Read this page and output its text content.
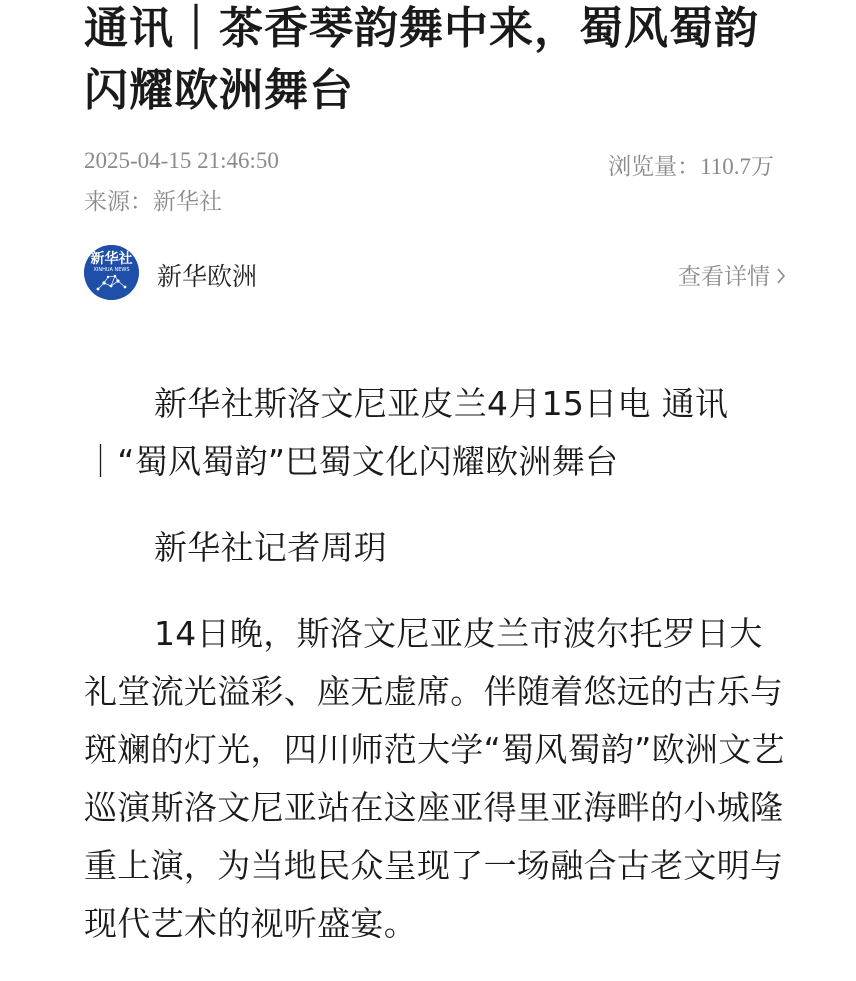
通讯｜茶香琴韵舞中来，蜀风蜀韵闪耀欧洲舞台
2025-04-15 21:46:50	浏览量：110.7万
来源：新华社
新华社
XINHUA NEWS	新华欧洲	查看详情

新华社斯洛文尼亚皮兰4月15日电 通讯｜“蜀风蜀韵”巴蜀文化闪耀欧洲舞台

新华社记者周玥

14日晚，斯洛文尼亚皮兰市波尔托罗日大礼堂流光溢彩、座无虚席。伴随着悠远的古乐与斑斓的灯光，四川师范大学“蜀风蜀韵”欧洲文艺巡演斯洛文尼亚站在这座亚得里亚海畔的小城隆重上演，为当地民众呈现了一场融合古老文明与现代艺术的视听盛宴。
